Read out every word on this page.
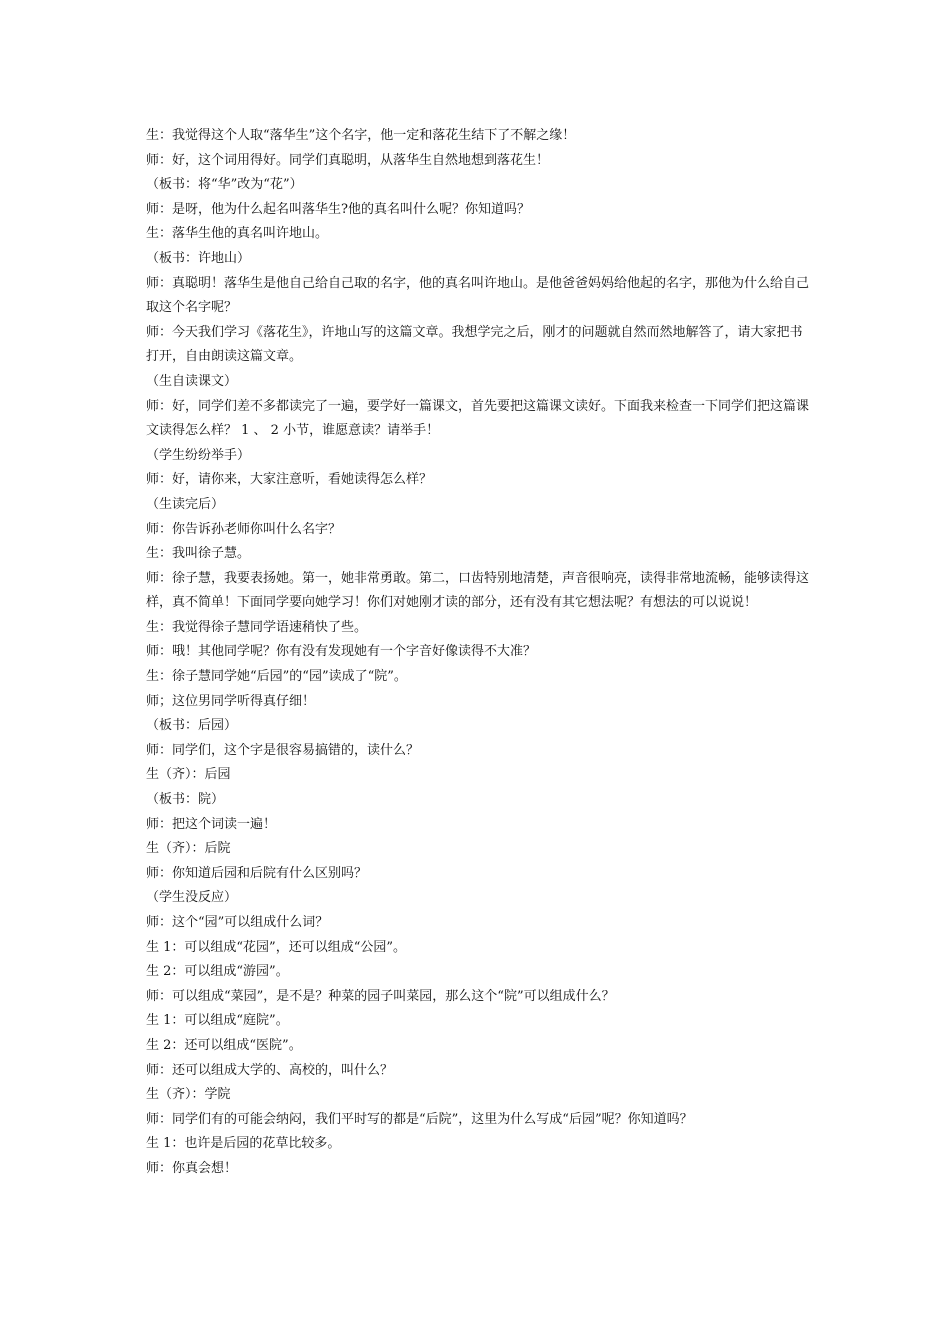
生：我觉得这个人取“落华生”这个名字，他一定和落花生结下了不解之缘！

师：好，这个词用得好。同学们真聪明，从落华生自然地想到落花生！

（板书：将“华”改为“花”）

师：是呀，他为什么起名叫落华生?他的真名叫什么呢？你知道吗？

生：落华生他的真名叫许地山。

（板书：许地山）

师：真聪明！落华生是他自己给自己取的名字，他的真名叫许地山。是他爸爸妈妈给他起的名字，那他为什么给自己取这个名字呢？

师：今天我们学习《落花生》，许地山写的这篇文章。我想学完之后，刚才的问题就自然而然地解答了，请大家把书打开，自由朗读这篇文章。

（生自读课文）

师：好，同学们差不多都读完了一遍，要学好一篇课文，首先要把这篇课文读好。下面我来检查一下同学们把这篇课文读得怎么样？ 1 、 2 小节，谁愿意读？请举手！

（学生纷纷举手）

师：好，请你来，大家注意听，看她读得怎么样？

（生读完后）

师：你告诉孙老师你叫什么名字？

生：我叫徐子慧。

师：徐子慧，我要表扬她。第一，她非常勇敢。第二，口齿特别地清楚，声音很响亮，读得非常地流畅，能够读得这样，真不简单！下面同学要向她学习！你们对她刚才读的部分，还有没有其它想法呢？有想法的可以说说！

生：我觉得徐子慧同学语速稍快了些。

师：哦！其他同学呢？你有没有发现她有一个字音好像读得不大准？

生：徐子慧同学她“后园”的“园”读成了“院”。

师；这位男同学听得真仔细！

（板书：后园）

师：同学们，这个字是很容易搞错的，读什么？

生（齐）：后园

（板书：院）

师：把这个词读一遍！

生（齐）：后院

师：你知道后园和后院有什么区别吗？

（学生没反应）

师：这个“园”可以组成什么词？

生 1：可以组成“花园”，还可以组成“公园”。

生 2：可以组成“游园”。

师：可以组成“菜园”，是不是？种菜的园子叫菜园，那么这个“院”可以组成什么？

生 1：可以组成“庭院”。

生 2：还可以组成“医院”。

师：还可以组成大学的、高校的，叫什么？

生（齐）：学院

师：同学们有的可能会纳闷，我们平时写的都是“后院”，这里为什么写成“后园”呢？你知道吗？

生 1：也许是后园的花草比较多。

师：你真会想！
